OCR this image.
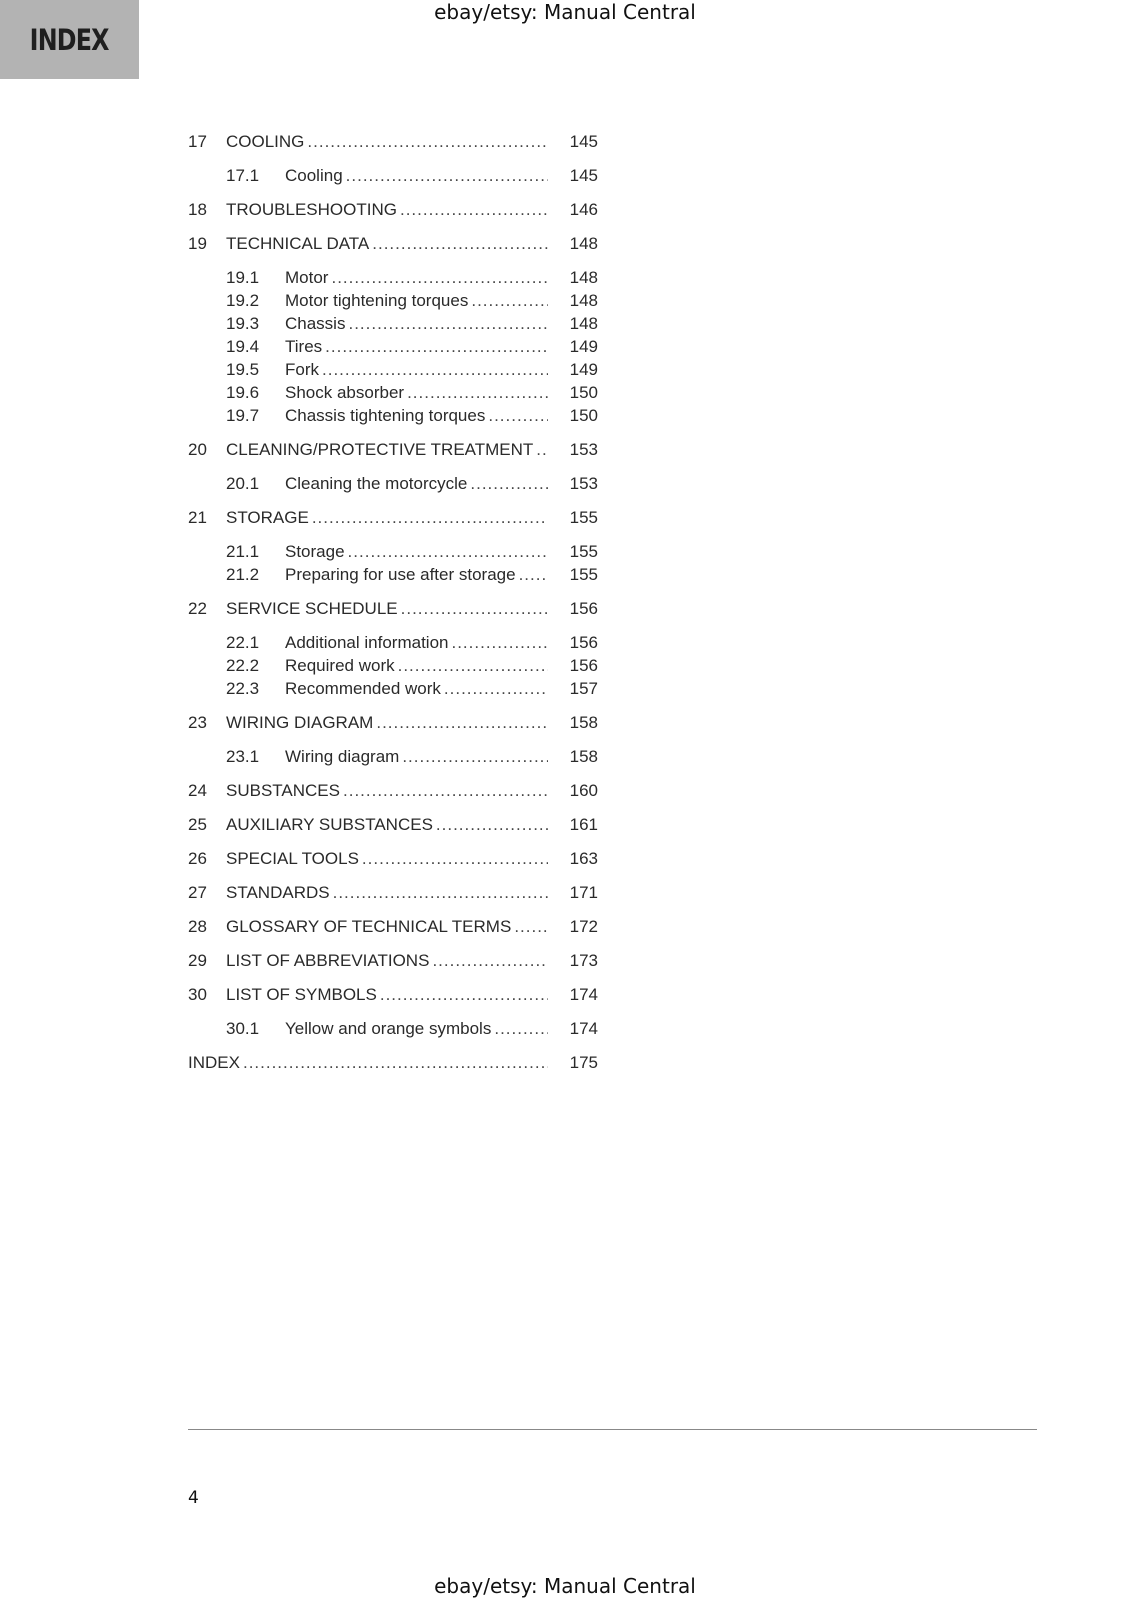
INDEX
ebay/etsy: Manual Central
17 COOLING .....	145
17.1 Cooling .....	145
18 TROUBLESHOOTING .....	146
19 TECHNICAL DATA .....	148
19.1 Motor .....	148
19.2 Motor tightening torques .....	148
19.3 Chassis .....	148
19.4 Tires .....	149
19.5 Fork .....	149
19.6 Shock absorber .....	150
19.7 Chassis tightening torques .....	150
20 CLEANING/PROTECTIVE TREATMENT .....	153
20.1 Cleaning the motorcycle .....	153
21 STORAGE .....	155
21.1 Storage .....	155
21.2 Preparing for use after storage .....	155
22 SERVICE SCHEDULE .....	156
22.1 Additional information .....	156
22.2 Required work .....	156
22.3 Recommended work .....	157
23 WIRING DIAGRAM .....	158
23.1 Wiring diagram .....	158
24 SUBSTANCES .....	160
25 AUXILIARY SUBSTANCES .....	161
26 SPECIAL TOOLS .....	163
27 STANDARDS .....	171
28 GLOSSARY OF TECHNICAL TERMS .....	172
29 LIST OF ABBREVIATIONS .....	173
30 LIST OF SYMBOLS .....	174
30.1 Yellow and orange symbols .....	174
INDEX .....	175
4
ebay/etsy: Manual Central
